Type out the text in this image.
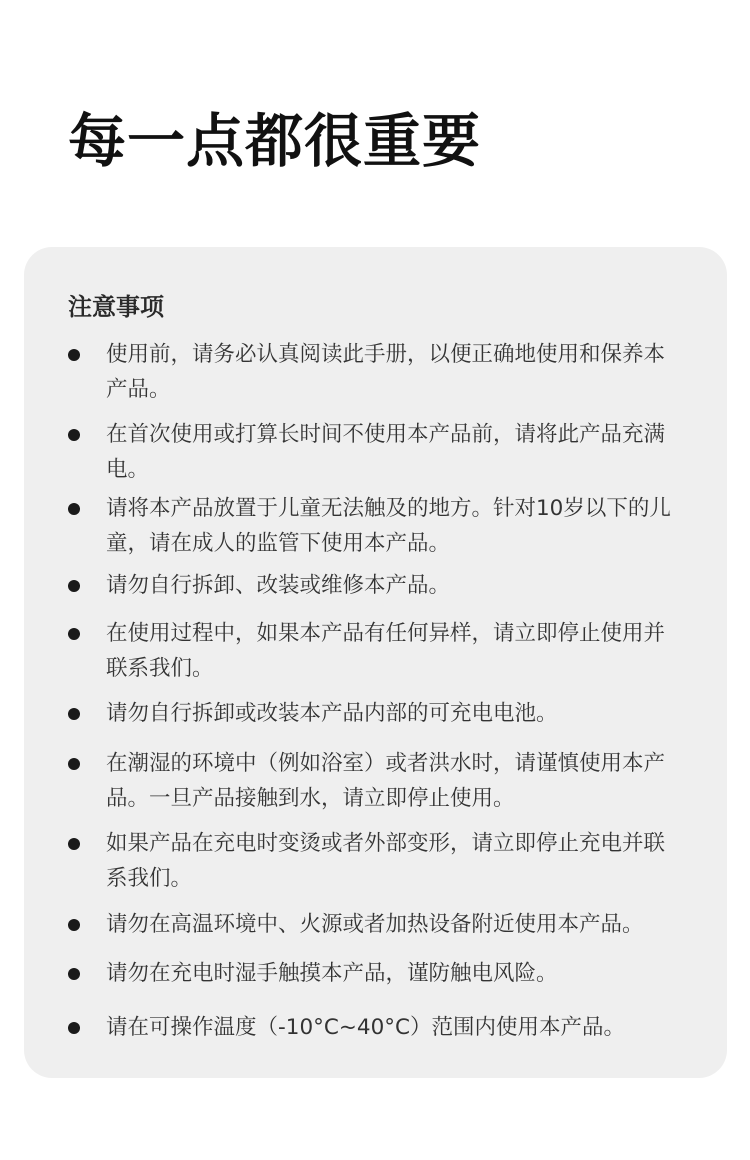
每一点都很重要
注意事项
使用前，请务必认真阅读此手册，以便正确地使用和保养本产品。
在首次使用或打算长时间不使用本产品前，请将此产品充满电。
请将本产品放置于儿童无法触及的地方。针对10岁以下的儿童，请在成人的监管下使用本产品。
请勿自行拆卸、改装或维修本产品。
在使用过程中，如果本产品有任何异样，请立即停止使用并联系我们。
请勿自行拆卸或改装本产品内部的可充电电池。
在潮湿的环境中（例如浴室）或者洪水时，请谨慎使用本产品。一旦产品接触到水，请立即停止使用。
如果产品在充电时变烫或者外部变形，请立即停止充电并联系我们。
请勿在高温环境中、火源或者加热设备附近使用本产品。
请勿在充电时湿手触摸本产品，谨防触电风险。
请在可操作温度（-10°C~40°C）范围内使用本产品。
